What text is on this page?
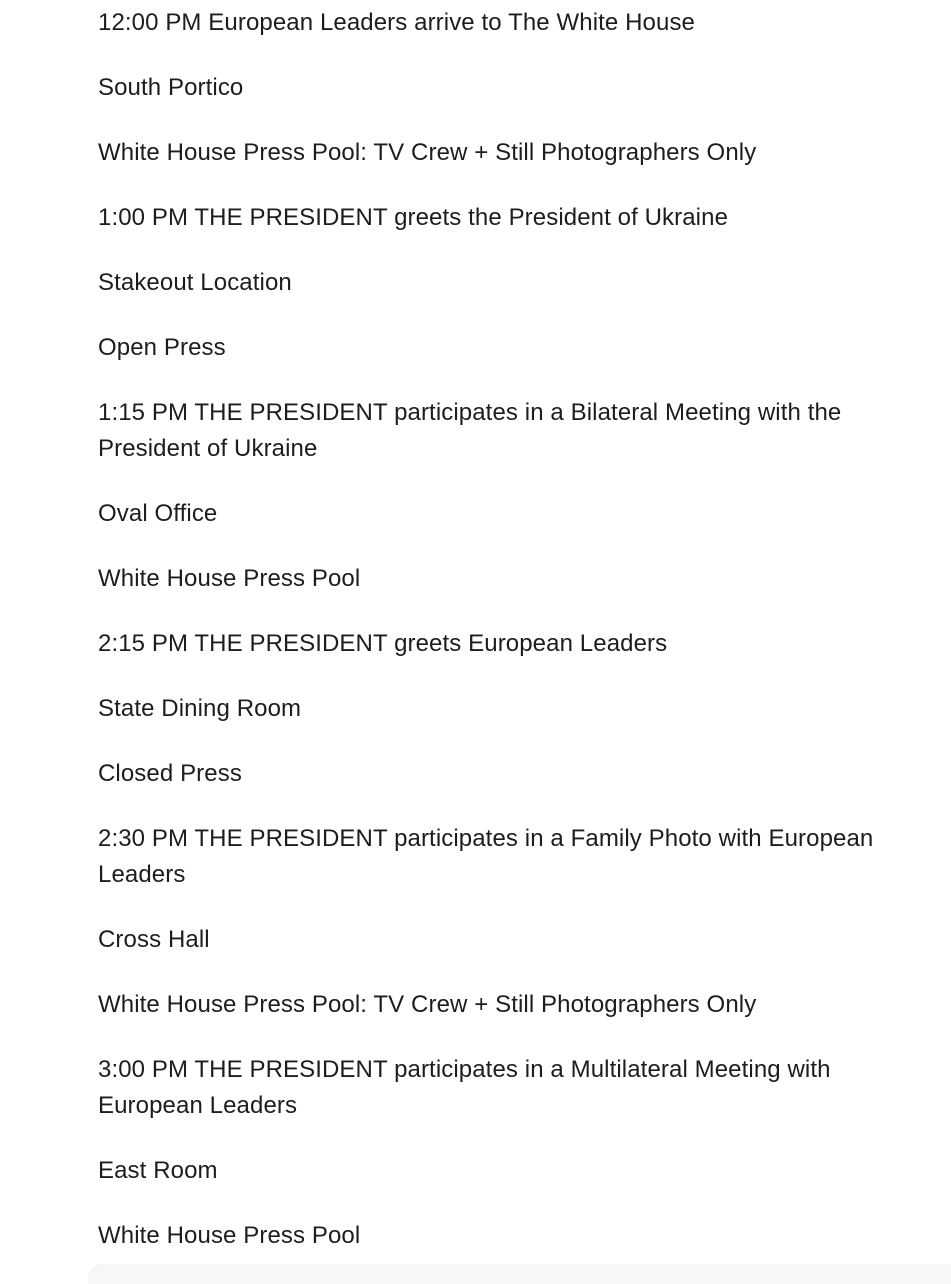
12:00 PM European Leaders arrive to The White House

South Portico

White House Press Pool: TV Crew + Still Photographers Only

1:00 PM THE PRESIDENT greets the President of Ukraine

Stakeout Location

Open Press

1:15 PM THE PRESIDENT participates in a Bilateral Meeting with the President of Ukraine

Oval Office

White House Press Pool

2:15 PM THE PRESIDENT greets European Leaders

State Dining Room

Closed Press

2:30 PM THE PRESIDENT participates in a Family Photo with European Leaders

Cross Hall

White House Press Pool: TV Crew + Still Photographers Only

3:00 PM THE PRESIDENT participates in a Multilateral Meeting with European Leaders

East Room

White House Press Pool
